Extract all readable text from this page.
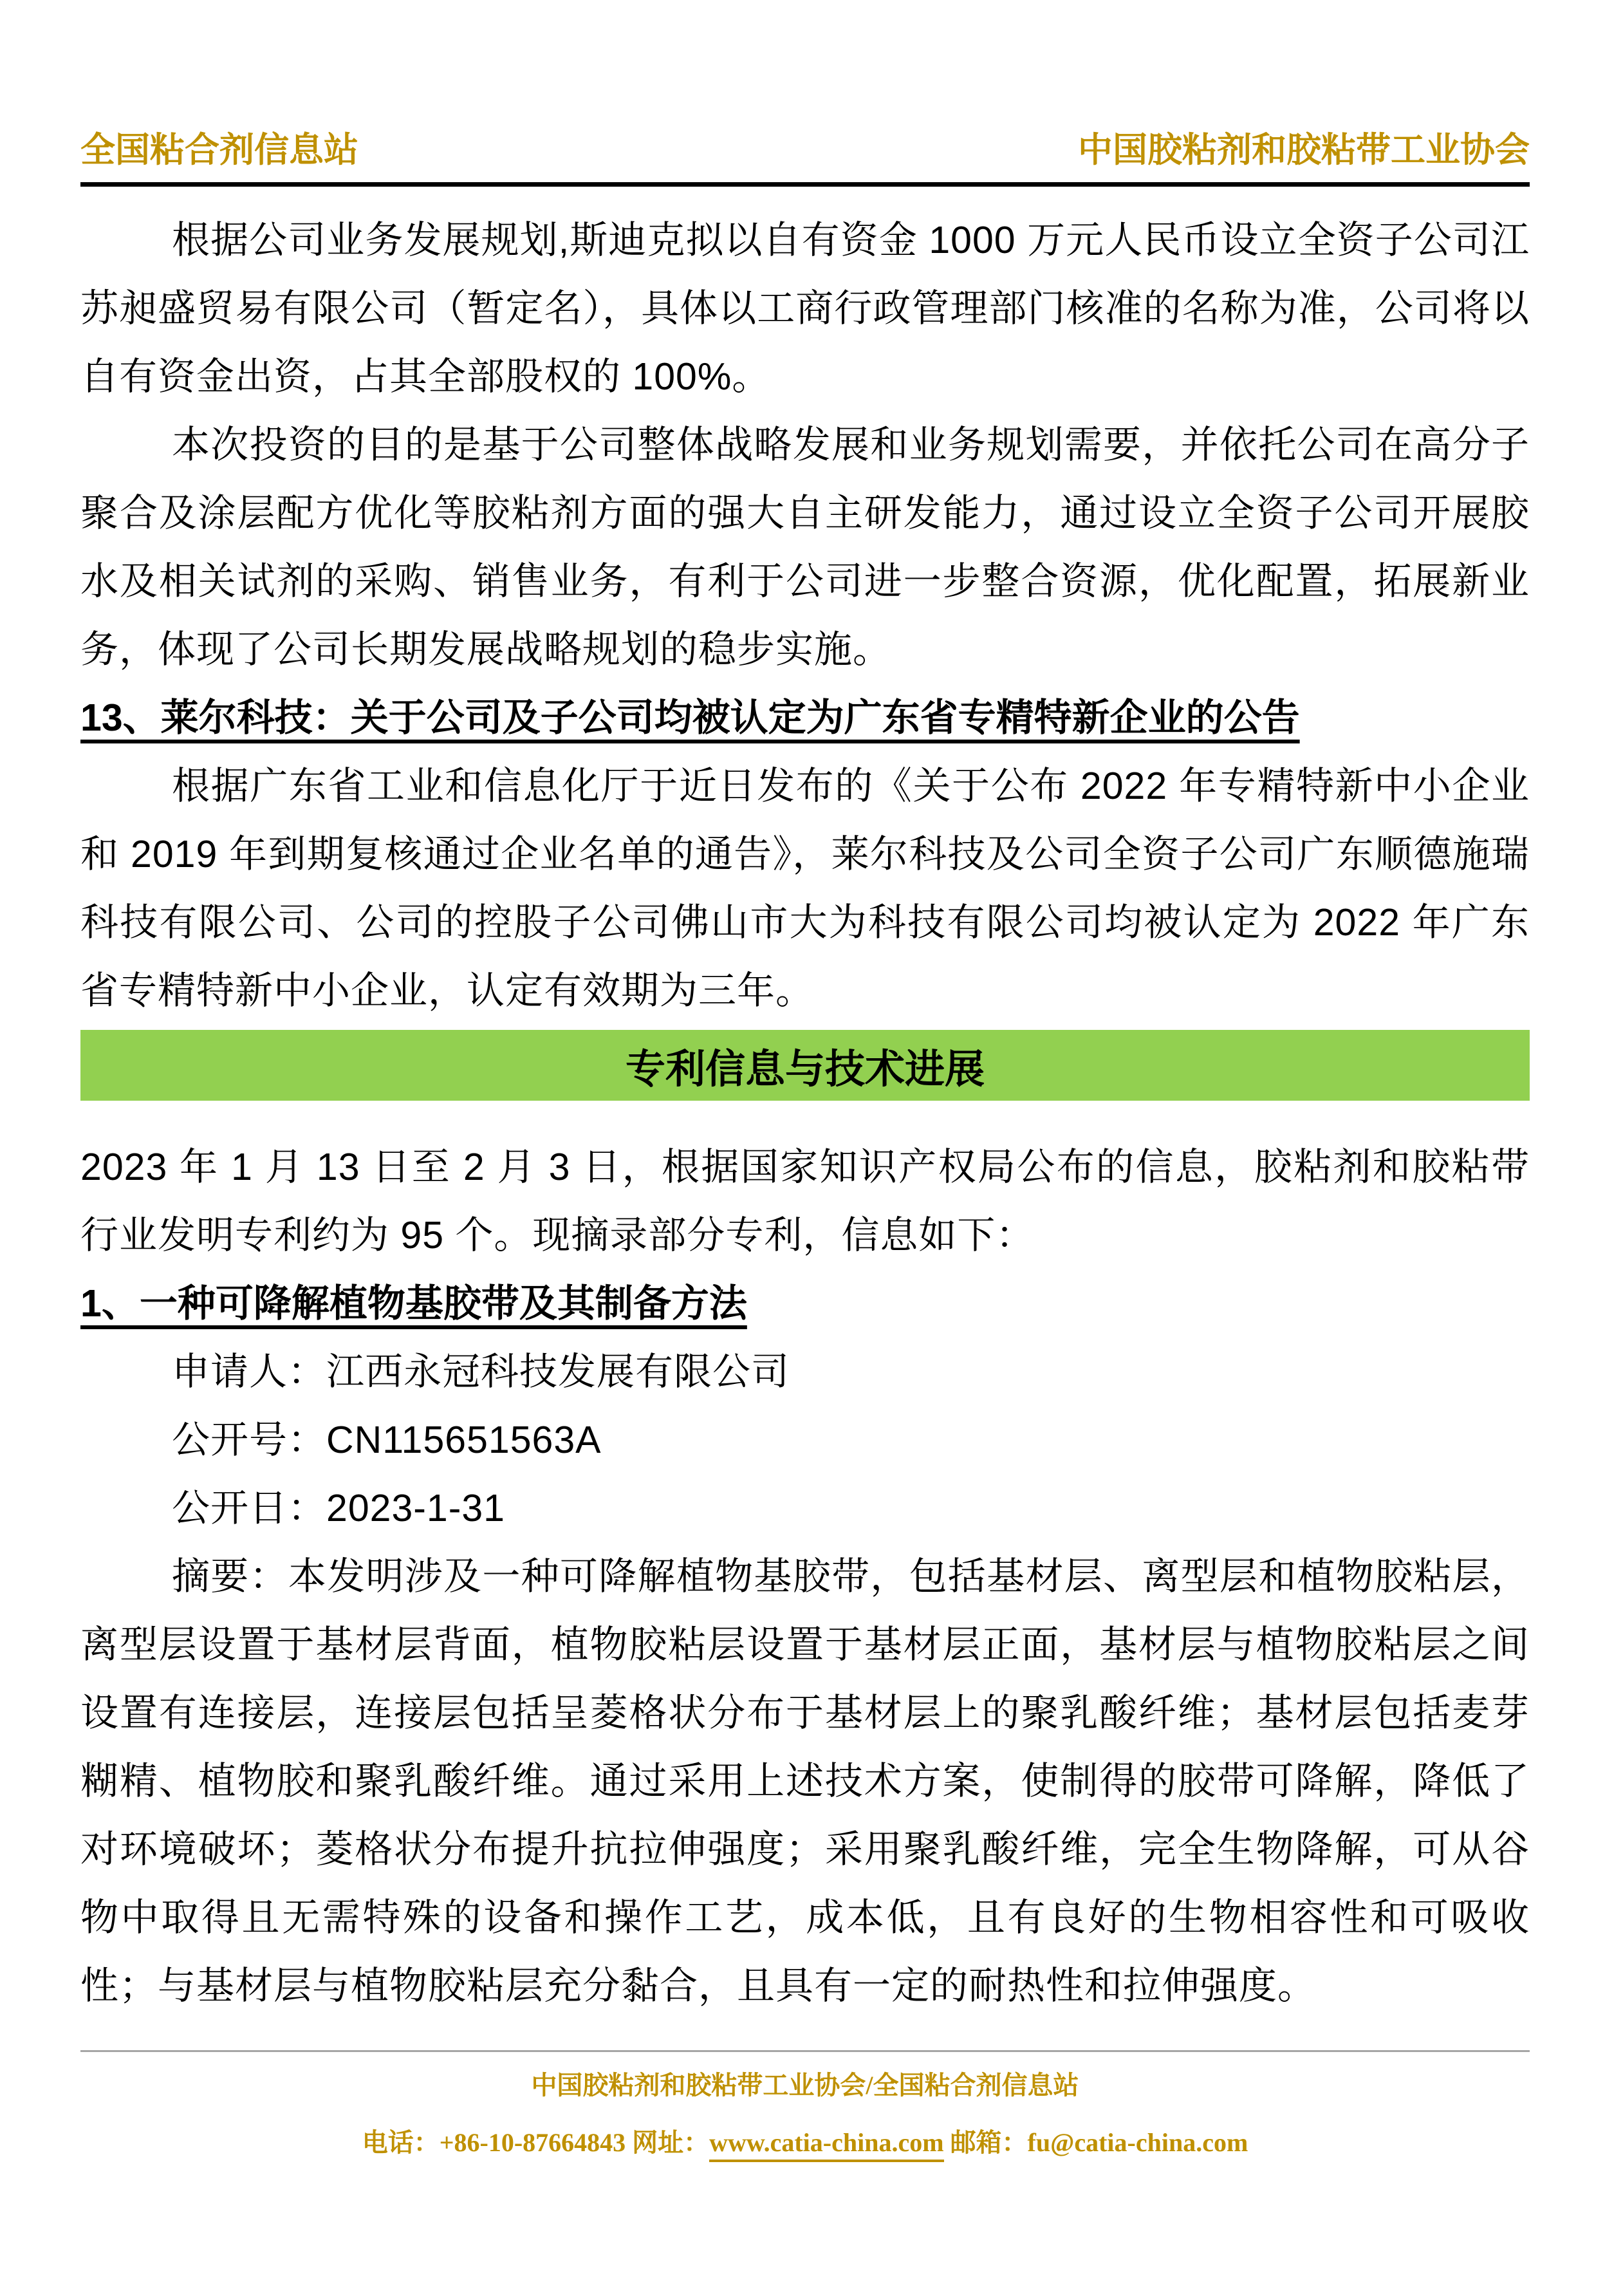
全国粘合剂信息站	中国胶粘剂和胶粘带工业协会

根据公司业务发展规划,斯迪克拟以自有资金 1000 万元人民币设立全资子公司江苏昶盛贸易有限公司（暂定名），具体以工商行政管理部门核准的名称为准，公司将以自有资金出资，占其全部股权的 100%。

本次投资的目的是基于公司整体战略发展和业务规划需要，并依托公司在高分子聚合及涂层配方优化等胶粘剂方面的强大自主研发能力，通过设立全资子公司开展胶水及相关试剂的采购、销售业务，有利于公司进一步整合资源，优化配置，拓展新业务，体现了公司长期发展战略规划的稳步实施。

13、莱尔科技：关于公司及子公司均被认定为广东省专精特新企业的公告

根据广东省工业和信息化厅于近日发布的《关于公布 2022 年专精特新中小企业和 2019 年到期复核通过企业名单的通告》，莱尔科技及公司全资子公司广东顺德施瑞科技有限公司、公司的控股子公司佛山市大为科技有限公司均被认定为 2022 年广东省专精特新中小企业，认定有效期为三年。

专利信息与技术进展

2023 年 1 月 13 日至 2 月 3 日，根据国家知识产权局公布的信息，胶粘剂和胶粘带行业发明专利约为 95 个。现摘录部分专利，信息如下：

1、一种可降解植物基胶带及其制备方法

申请人：江西永冠科技发展有限公司

公开号：CN115651563A

公开日：2023-1-31

摘要：本发明涉及一种可降解植物基胶带，包括基材层、离型层和植物胶粘层，离型层设置于基材层背面，植物胶粘层设置于基材层正面，基材层与植物胶粘层之间设置有连接层，连接层包括呈菱格状分布于基材层上的聚乳酸纤维；基材层包括麦芽糊精、植物胶和聚乳酸纤维。通过采用上述技术方案，使制得的胶带可降解，降低了对环境破坏；菱格状分布提升抗拉伸强度；采用聚乳酸纤维，完全生物降解，可从谷物中取得且无需特殊的设备和操作工艺，成本低，且有良好的生物相容性和可吸收性；与基材层与植物胶粘层充分黏合，且具有一定的耐热性和拉伸强度。

中国胶粘剂和胶粘带工业协会/全国粘合剂信息站
电话：+86-10-87664843 网址：www.catia-china.com 邮箱：fu@catia-china.com
